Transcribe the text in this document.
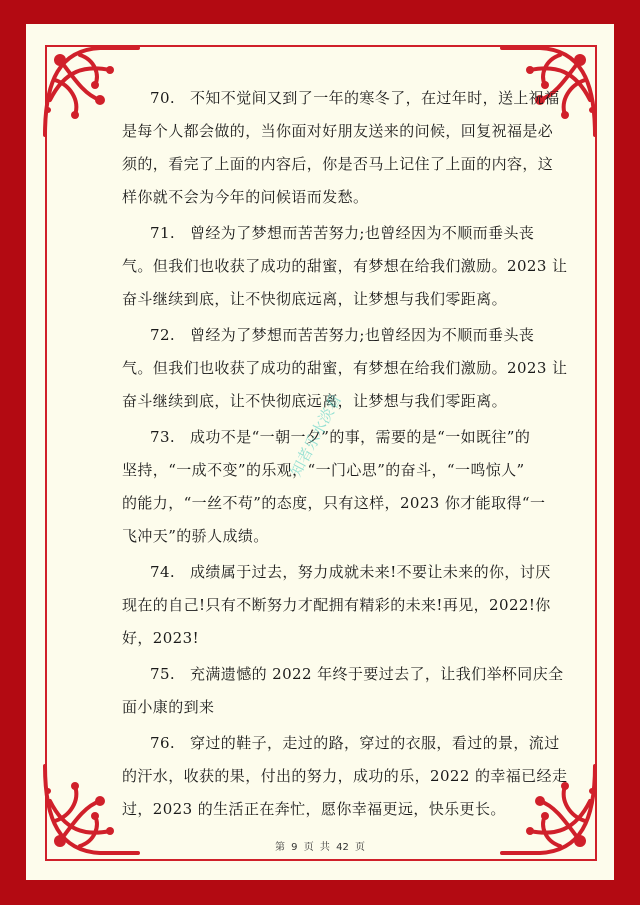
70. 不知不觉间又到了一年的寒冬了，在过年时，送上祝福
是每个人都会做的，当你面对好朋友送来的问候，回复祝福是必
须的，看完了上面的内容后，你是否马上记住了上面的内容，这
样你就不会为今年的问候语而发愁。
71. 曾经为了梦想而苦苦努力;也曾经因为不顺而垂头丧
气。但我们也收获了成功的甜蜜，有梦想在给我们激励。2023 让
奋斗继续到底，让不快彻底远离，让梦想与我们零距离。
72. 曾经为了梦想而苦苦努力;也曾经因为不顺而垂头丧
气。但我们也收获了成功的甜蜜，有梦想在给我们激励。2023 让
奋斗继续到底，让不快彻底远离，让梦想与我们零距离。
73. 成功不是“一朝一夕”的事，需要的是“一如既往”的
坚持，“一成不变”的乐观，“一门心思”的奋斗，“一鸣惊人”
的能力，“一丝不苟”的态度，只有这样，2023 你才能取得“一
飞冲天”的骄人成绩。
74. 成绩属于过去，努力成就未来!不要让未来的你，讨厌
现在的自己!只有不断努力才配拥有精彩的未来!再见，2022!你
好，2023!
75. 充满遗憾的 2022 年终于要过去了，让我们举杯同庆全
面小康的到来
76. 穿过的鞋子，走过的路，穿过的衣服，看过的景，流过
的汗水，收获的果，付出的努力，成功的乐，2022 的幸福已经走
过，2023 的生活正在奔忙，愿你幸福更远，快乐更长。
知者乐水淡看
第 9 页 共 42 页
